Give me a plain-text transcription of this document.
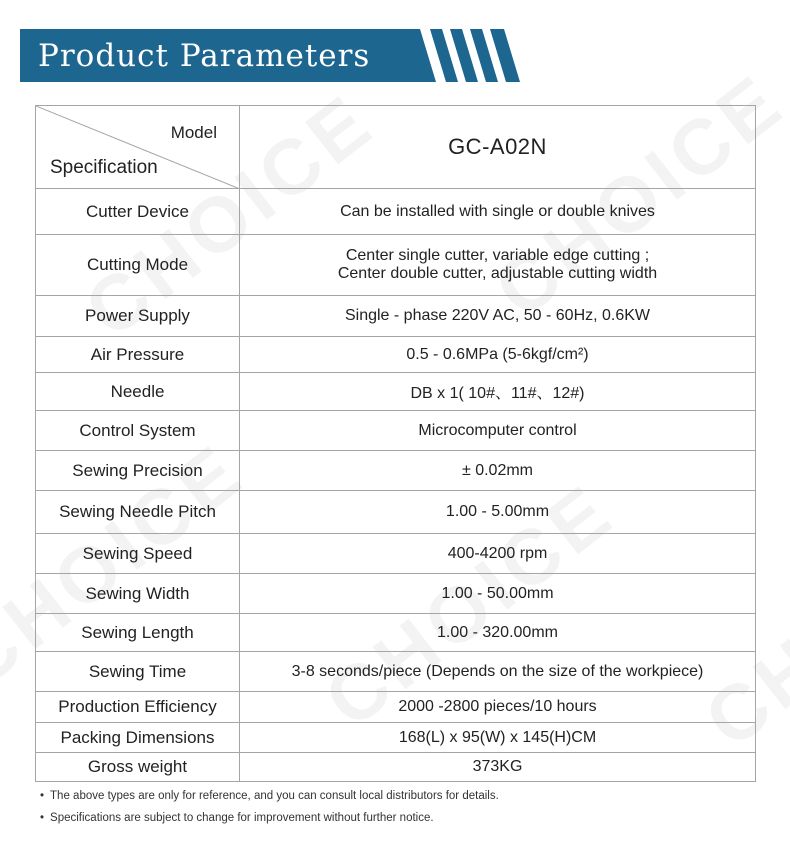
Product Parameters
Model
Specification	GC-A02N
Cutter Device	Can be installed with single or double knives
Cutting Mode	Center single cutter, variable edge cutting ;
Center double cutter, adjustable cutting width

Power Supply	Single - phase 220V AC, 50 - 60Hz, 0.6KW
Air Pressure	0.5 - 0.6MPa (5-6kgf/cm²)
Needle	DB x 1( 10#、11#、12#)
Control System	Microcomputer control
Sewing Precision	± 0.02mm
Sewing Needle Pitch	1.00 - 5.00mm
Sewing Speed	400-4200 rpm
Sewing Width	1.00 - 50.00mm
Sewing Length	1.00 - 320.00mm
Sewing Time	3-8 seconds/piece (Depends on the size of the workpiece)
Production Efficiency	2000 -2800 pieces/10 hours
Packing Dimensions	168(L) x 95(W) x 145(H)CM
Gross weight	373KG
• The above types are only for reference, and you can consult local distributors for details.
• Specifications are subject to change for improvement without further notice.
